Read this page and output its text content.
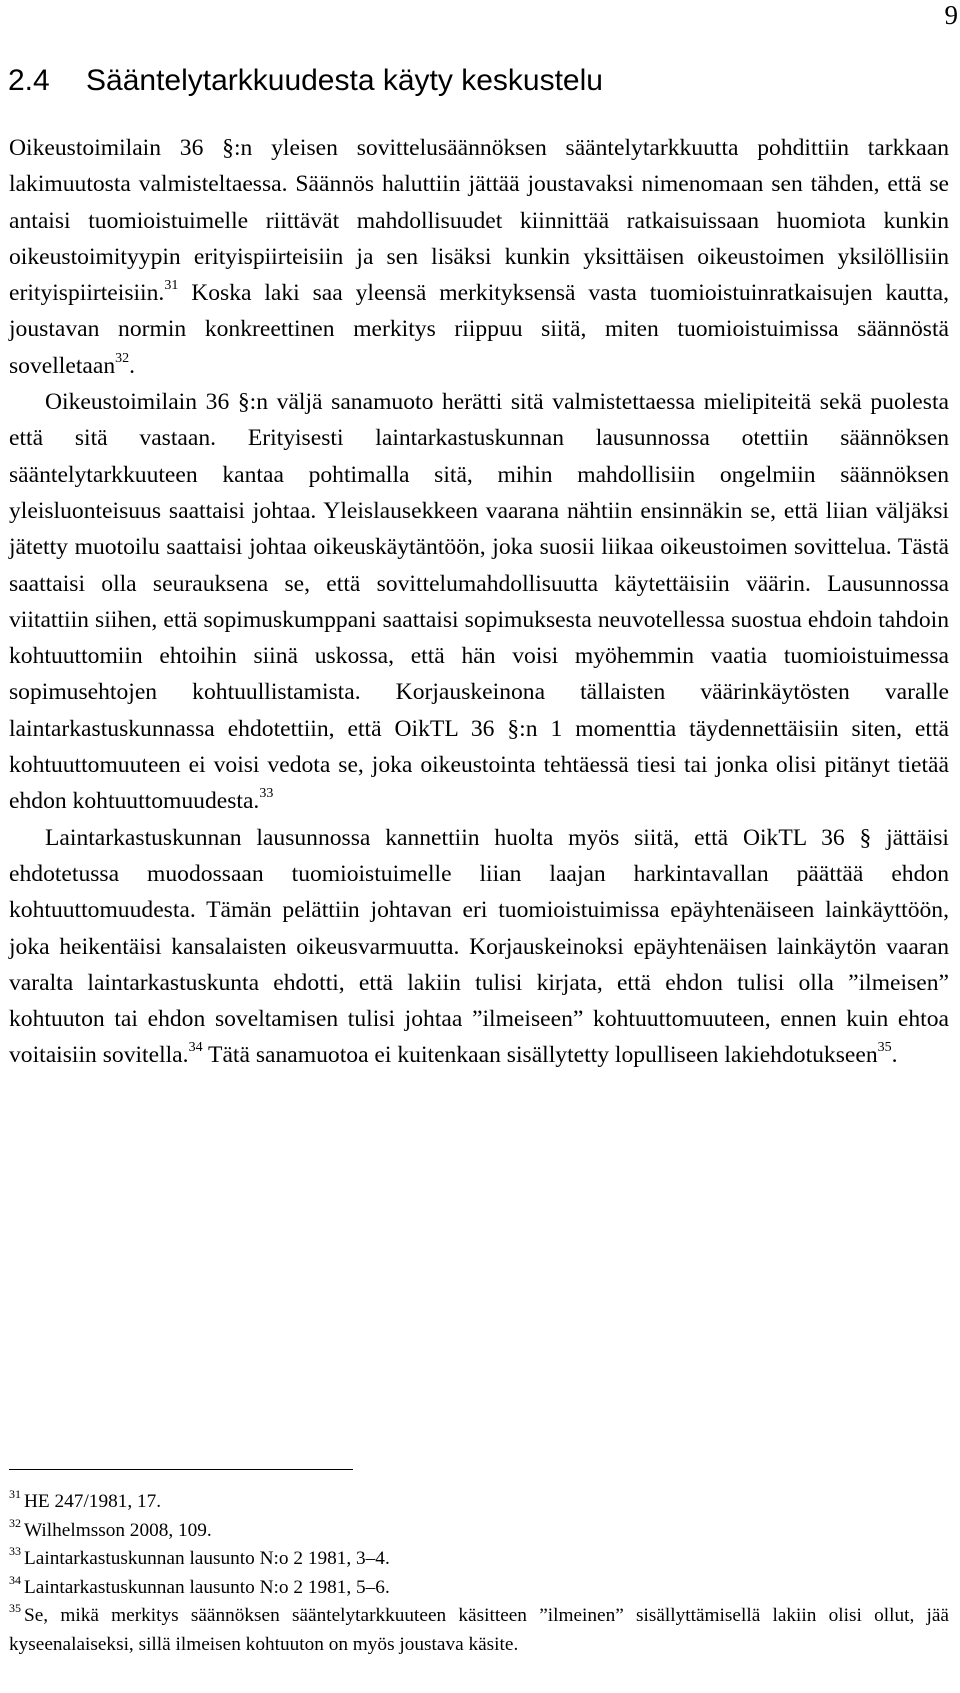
9
2.4 Sääntelytarkkuudesta käyty keskustelu

Oikeustoimilain 36 §:n yleisen sovittelusäännöksen sääntelytarkkuutta pohdittiin tarkkaan lakimuutosta valmisteltaessa. Säännös haluttiin jättää joustavaksi nimenomaan sen tähden, että se antaisi tuomioistuimelle riittävät mahdollisuudet kiinnittää ratkaisuissaan huomiota kunkin oikeustoimityypin erityispiirteisiin ja sen lisäksi kunkin yksittäisen oikeustoimen yksilöllisiin erityispiirteisiin.$^{31}$ Koska laki saa yleensä merkityksensä vasta tuomioistuinratkaisujen kautta, joustavan normin konkreettinen merkitys riippuu siitä, miten tuomioistuimissa säännöstä sovelletaan$^{32}$.

Oikeustoimilain 36 §:n väljä sanamuoto herätti sitä valmistettaessa mielipiteitä sekä puolesta että sitä vastaan. Erityisesti laintarkastuskunnan lausunnossa otettiin säännöksen sääntelytarkkuuteen kantaa pohtimalla sitä, mihin mahdollisiin ongelmiin säännöksen yleisluonteisuus saattaisi johtaa. Yleislausekkeen vaarana nähtiin ensinnäkin se, että liian väljäksi jätetty muotoilu saattaisi johtaa oikeuskäytäntöön, joka suosii liikaa oikeustoimen sovittelua. Tästä saattaisi olla seurauksena se, että sovittelumahdollisuutta käytettäisiin väärin. Lausunnossa viitattiin siihen, että sopimuskumppani saattaisi sopimuksesta neuvotellessa suostua ehdoin tahdoin kohtuuttomiin ehtoihin siinä uskossa, että hän voisi myöhemmin vaatia tuomioistuimessa sopimusehtojen kohtuullistamista. Korjauskeinona tällaisten väärinkäytösten varalle laintarkastuskunnassa ehdotettiin, että OikTL 36 §:n 1 momenttia täydennettäisiin siten, että kohtuuttomuuteen ei voisi vedota se, joka oikeustointa tehtäessä tiesi tai jonka olisi pitänyt tietää ehdon kohtuuttomuudesta.$^{33}$

Laintarkastuskunnan lausunnossa kannettiin huolta myös siitä, että OikTL 36 § jättäisi ehdotetussa muodossaan tuomioistuimelle liian laajan harkintavallan päättää ehdon kohtuuttomuudesta. Tämän pelättiin johtavan eri tuomioistuimissa epäyhtenäiseen lainkäyttöön, joka heikentäisi kansalaisten oikeusvarmuutta. Korjauskeinoksi epäyhtenäisen lainkäytön vaaran varalta laintarkastuskunta ehdotti, että lakiin tulisi kirjata, että ehdon tulisi olla ”ilmeisen” kohtuuton tai ehdon soveltamisen tulisi johtaa ”ilmeiseen” kohtuuttomuuteen, ennen kuin ehtoa voitaisiin sovitella.$^{34}$ Tätä sanamuotoa ei kuitenkaan sisällytetty lopulliseen lakiehdotukseen$^{35}$.

$^{31}$ HE 247/1981, 17.

$^{32}$ Wilhelmsson 2008, 109.

$^{33}$ Laintarkastuskunnan lausunto N:o 2 1981, 3–4.

$^{34}$ Laintarkastuskunnan lausunto N:o 2 1981, 5–6.

$^{35}$ Se, mikä merkitys säännöksen sääntelytarkkuuteen käsitteen ”ilmeinen” sisällyttämisellä lakiin olisi ollut, jää kyseenalaiseksi, sillä ilmeisen kohtuuton on myös joustava käsite.
